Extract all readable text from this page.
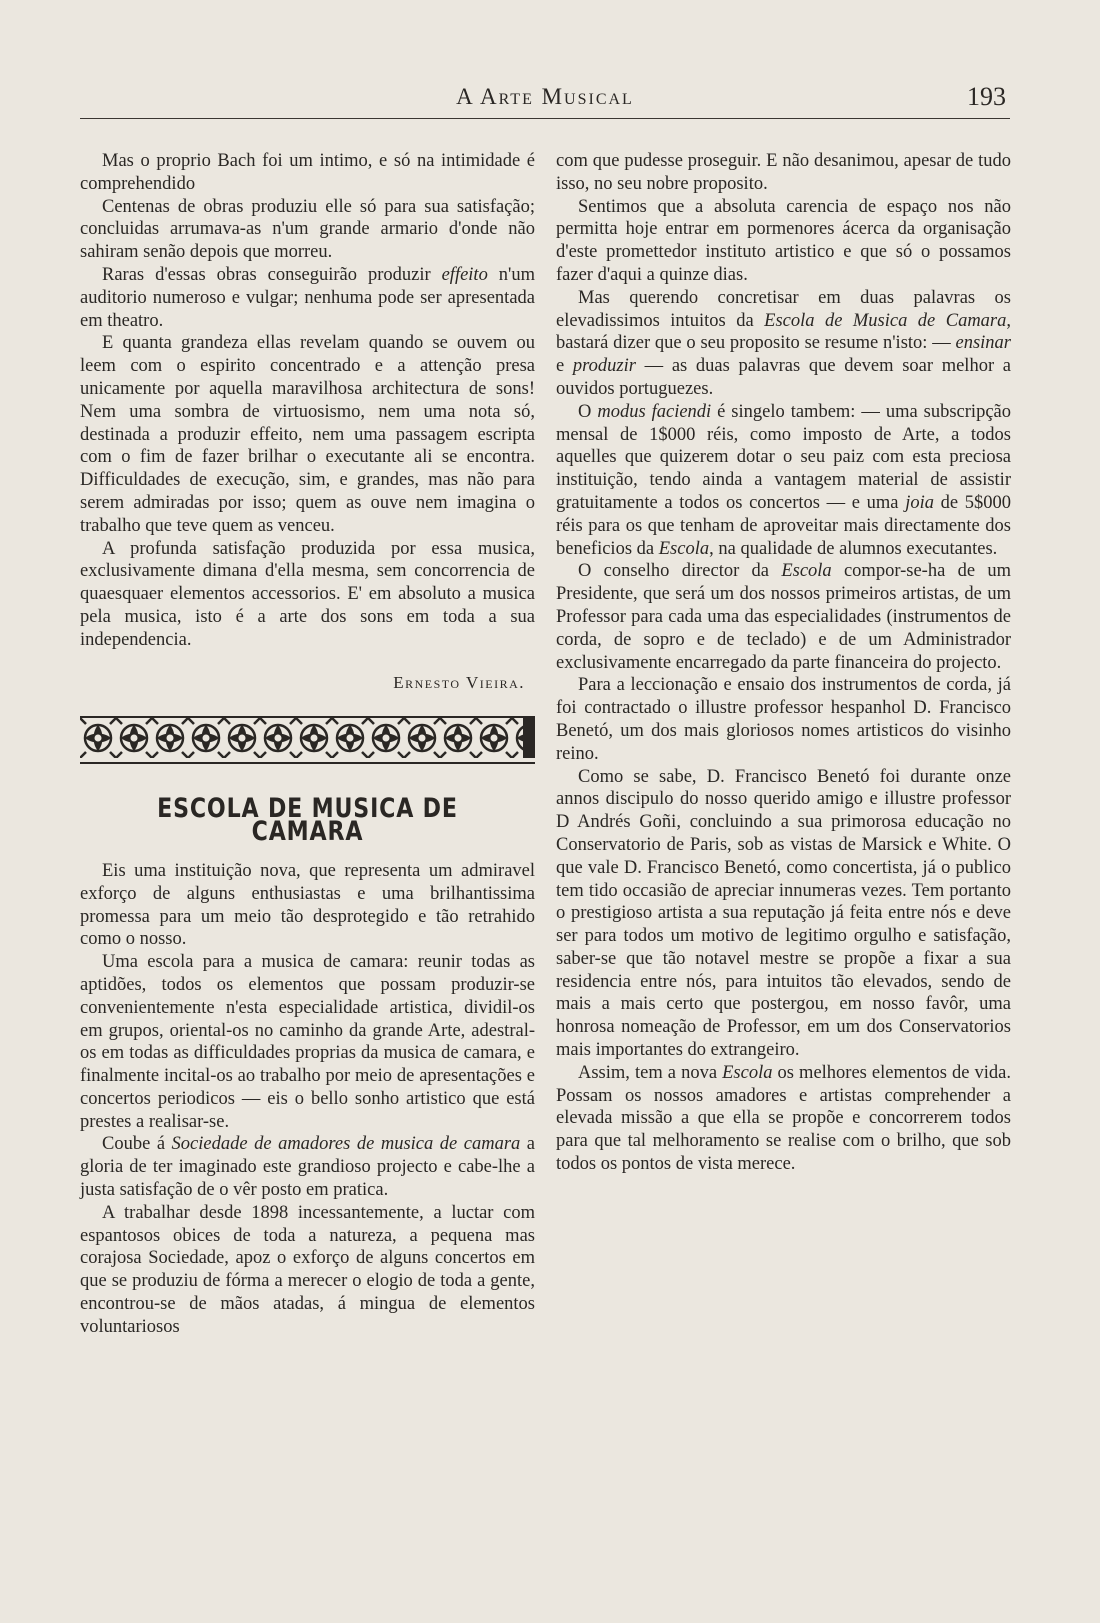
A Arte Musical	193

Mas o proprio Bach foi um intimo, e só na intimidade é comprehendido

Centenas de obras produziu elle só para sua satisfação; concluidas arrumava-as n'um grande armario d'onde não sahiram senão depois que morreu.

Raras d'essas obras conseguirão produzir effeito n'um auditorio numeroso e vulgar; nenhuma pode ser apresentada em theatro.

E quanta grandeza ellas revelam quando se ouvem ou leem com o espirito concentrado e a attenção presa unicamente por aquella maravilhosa architectura de sons! Nem uma sombra de virtuosismo, nem uma nota só, destinada a produzir effeito, nem uma passagem escripta com o fim de fazer brilhar o executante ali se encontra. Difficuldades de execução, sim, e grandes, mas não para serem admiradas por isso; quem as ouve nem imagina o trabalho que teve quem as venceu.

A profunda satisfação produzida por essa musica, exclusivamente dimana d'ella mesma, sem concorrencia de quaesquaer elementos accessorios. E' em absoluto a musica pela musica, isto é a arte dos sons em toda a sua independencia.

Ernesto Vieira.
ESCOLA DE MUSICA DE CAMARA

Eis uma instituição nova, que representa um admiravel exforço de alguns enthusiastas e uma brilhantissima promessa para um meio tão desprotegido e tão retrahido como o nosso.

Uma escola para a musica de camara: reunir todas as aptidões, todos os elementos que possam produzir-se convenientemente n'esta especialidade artistica, dividil-os em grupos, oriental-os no caminho da grande Arte, adestral-os em todas as difficuldades proprias da musica de camara, e finalmente incital-os ao trabalho por meio de apresentações e concertos periodicos — eis o bello sonho artistico que está prestes a realisar-se.

Coube á Sociedade de amadores de musica de camara a gloria de ter imaginado este grandioso projecto e cabe-lhe a justa satisfação de o vêr posto em pratica.

A trabalhar desde 1898 incessantemente, a luctar com espantosos obices de toda a natureza, a pequena mas corajosa Sociedade, apoz o exforço de alguns concertos em que se produziu de fórma a merecer o elogio de toda a gente, encontrou-se de mãos atadas, á mingua de elementos voluntariosos

com que pudesse proseguir. E não desanimou, apesar de tudo isso, no seu nobre proposito.

Sentimos que a absoluta carencia de espaço nos não permitta hoje entrar em pormenores ácerca da organisação d'este promettedor instituto artistico e que só o possamos fazer d'aqui a quinze dias.

Mas querendo concretisar em duas palavras os elevadissimos intuitos da Escola de Musica de Camara, bastará dizer que o seu proposito se resume n'isto: — ensinar e produzir — as duas palavras que devem soar melhor a ouvidos portuguezes.

O modus faciendi é singelo tambem: — uma subscripção mensal de 1$000 réis, como imposto de Arte, a todos aquelles que quizerem dotar o seu paiz com esta preciosa instituição, tendo ainda a vantagem material de assistir gratuitamente a todos os concertos — e uma joia de 5$000 réis para os que tenham de aproveitar mais directamente dos beneficios da Escola, na qualidade de alumnos executantes.

O conselho director da Escola compor-se-ha de um Presidente, que será um dos nossos primeiros artistas, de um Professor para cada uma das especialidades (instrumentos de corda, de sopro e de teclado) e de um Administrador exclusivamente encarregado da parte financeira do projecto.

Para a leccionação e ensaio dos instrumentos de corda, já foi contractado o illustre professor hespanhol D. Francisco Benetó, um dos mais gloriosos nomes artisticos do visinho reino.

Como se sabe, D. Francisco Benetó foi durante onze annos discipulo do nosso querido amigo e illustre professor D Andrés Goñi, concluindo a sua primorosa educação no Conservatorio de Paris, sob as vistas de Marsick e White. O que vale D. Francisco Benetó, como concertista, já o publico tem tido occasião de apreciar innumeras vezes. Tem portanto o prestigioso artista a sua reputação já feita entre nós e deve ser para todos um motivo de legitimo orgulho e satisfação, saber-se que tão notavel mestre se propõe a fixar a sua residencia entre nós, para intuitos tão elevados, sendo de mais a mais certo que postergou, em nosso favôr, uma honrosa nomeação de Professor, em um dos Conservatorios mais importantes do extrangeiro.

Assim, tem a nova Escola os melhores elementos de vida. Possam os nossos amadores e artistas comprehender a elevada missão a que ella se propõe e concorrerem todos para que tal melhoramento se realise com o brilho, que sob todos os pontos de vista merece.
